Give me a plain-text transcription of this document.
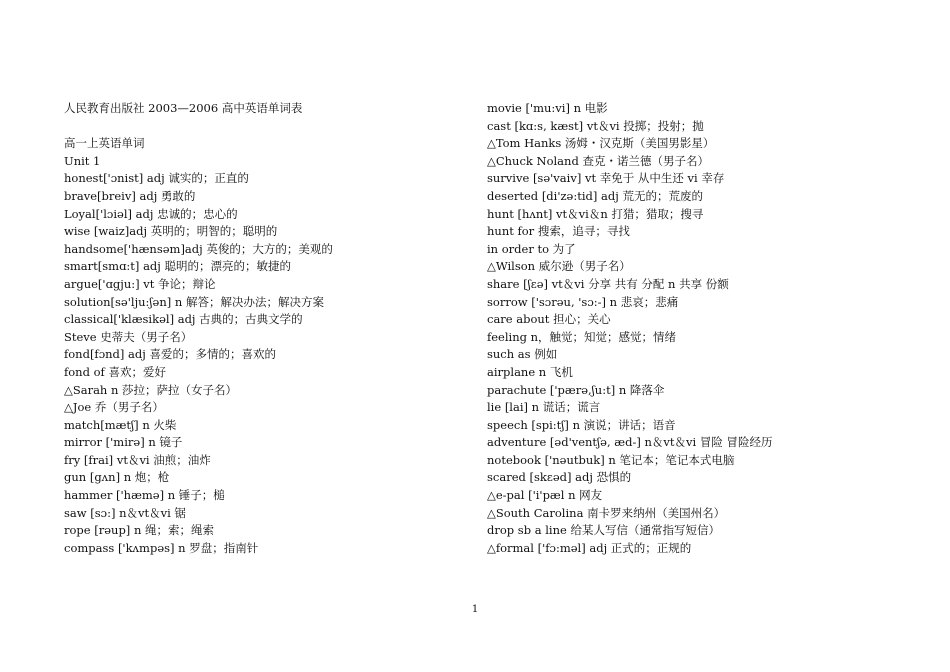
人民教育出版社 2003—2006 高中英语单词表
高一上英语单词
Unit 1
honest['ɔnist] adj 诚实的；正直的
brave[breiv] adj 勇敢的
Loyal['lɔiəl] adj 忠诚的；忠心的
wise [waiz]adj 英明的；明智的；聪明的
handsome['hænsəm]adj 英俊的；大方的；美观的
smart[smɑ:t] adj 聪明的；漂亮的；敏捷的
argue['ɑgju:] vt 争论；辩论
solution[sə'lju:ʃən] n 解答；解决办法；解决方案
classical['klæsikəl] adj 古典的；古典文学的
Steve 史蒂夫（男子名）
fond[fɔnd] adj 喜爱的；多情的；喜欢的
fond of 喜欢；爱好
△Sarah n 莎拉；萨拉（女子名）
△Joe 乔（男子名）
match[mætʃ] n 火柴
mirror ['mirə] n 镜子
fry [frai] vt＆vi 油煎；油炸
gun [gʌn] n 炮；枪
hammer ['hæmə] n 锤子；槌
saw [sɔ:] n＆vt＆vi 锯
rope [rəup] n 绳；索；绳索
compass ['kʌmpəs] n 罗盘；指南针
movie ['mu:vi] n 电影
cast [kɑ:s, kæst] vt＆vi 投掷；投射；抛
△Tom Hanks 汤姆・汉克斯（美国男影星）
△Chuck Noland 查克・诺兰德（男子名）
survive [sə'vaiv] vt 幸免于 从中生还 vi 幸存
deserted [di'zə:tid] adj 荒无的；荒废的
hunt [hʌnt] vt＆vi＆n 打猎；猎取；搜寻
hunt for 搜索，追寻；寻找
in order to 为了
△Wilson 威尔逊（男子名）
share [ʃεə] vt＆vi 分享 共有 分配 n 共享 份额
sorrow ['sɔrəu, 'sɔ:-] n 悲哀；悲痛
care about 担心；关心
feeling n，触觉；知觉；感觉；情绪
such as 例如
airplane n 飞机
parachute ['pærə,ʃu:t] n 降落伞
lie [lai] n 谎话；谎言
speech [spi:tʃ] n 演说；讲话；语音
adventure [əd'ventʃə, æd-] n＆vt＆vi 冒险 冒险经历
notebook ['nəutbuk] n 笔记本；笔记本式电脑
scared [skεəd] adj 恐惧的
△e-pal ['i'pæl n 网友
△South Carolina 南卡罗来纳州（美国州名）
drop sb a line 给某人写信（通常指写短信）
△formal ['fɔ:məl] adj 正式的；正规的
1
